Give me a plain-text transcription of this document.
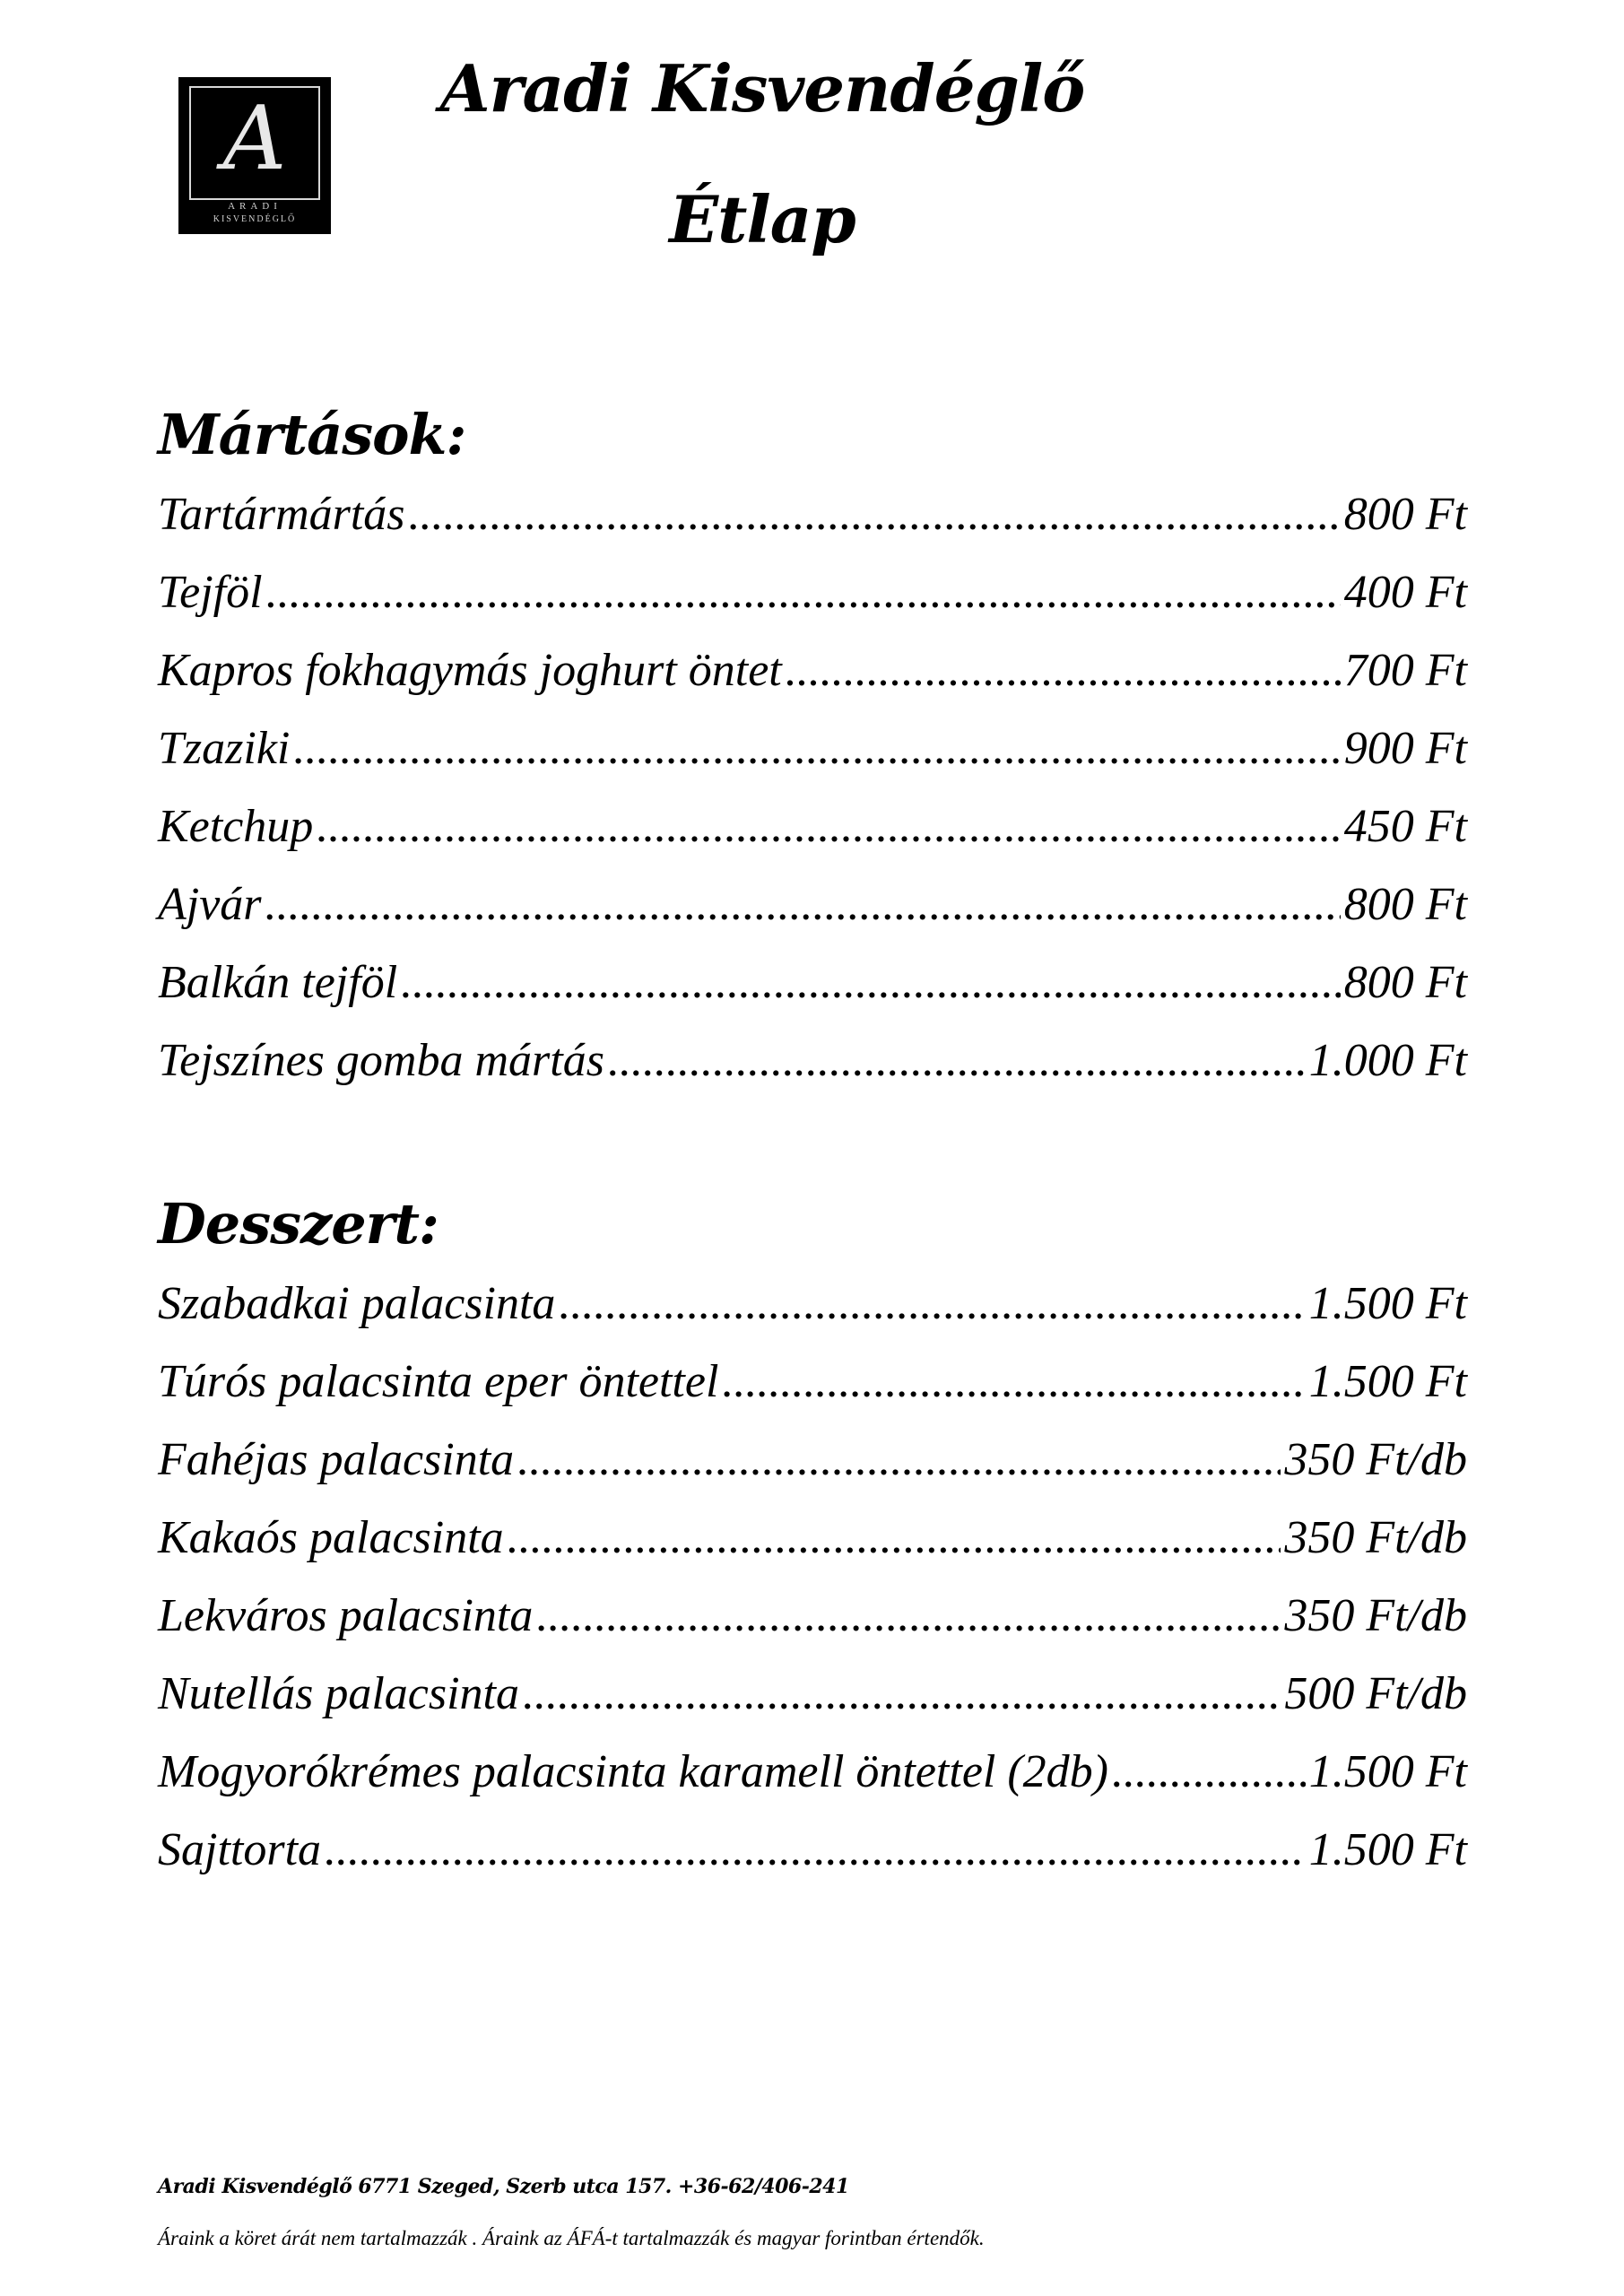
A
ARADI
KISVENDÉGLŐ
Aradi Kisvendéglő
Étlap
Mártások:
Tartármártás .....	800 Ft
Tejföl .....	400 Ft
Kapros fokhagymás joghurt öntet .....	700 Ft
Tzaziki .....	900 Ft
Ketchup .....	450 Ft
Ajvár .....	800 Ft
Balkán tejföl .....	800 Ft
Tejszínes gomba mártás .....	1.000 Ft
Desszert:
Szabadkai palacsinta .....	1.500 Ft
Túrós palacsinta eper öntettel .....	1.500 Ft
Fahéjas palacsinta .....	350 Ft/db
Kakaós palacsinta .....	350 Ft/db
Lekváros palacsinta .....	350 Ft/db
Nutellás palacsinta .....	500 Ft/db
Mogyorókrémes palacsinta karamell öntettel (2db) .....	1.500 Ft
Sajttorta .....	1.500 Ft
Aradi Kisvendéglő 6771 Szeged, Szerb utca 157. +36-62/406-241
Áraink a köret árát nem tartalmazzák . Áraink az ÁFÁ-t tartalmazzák és magyar forintban értendők.
